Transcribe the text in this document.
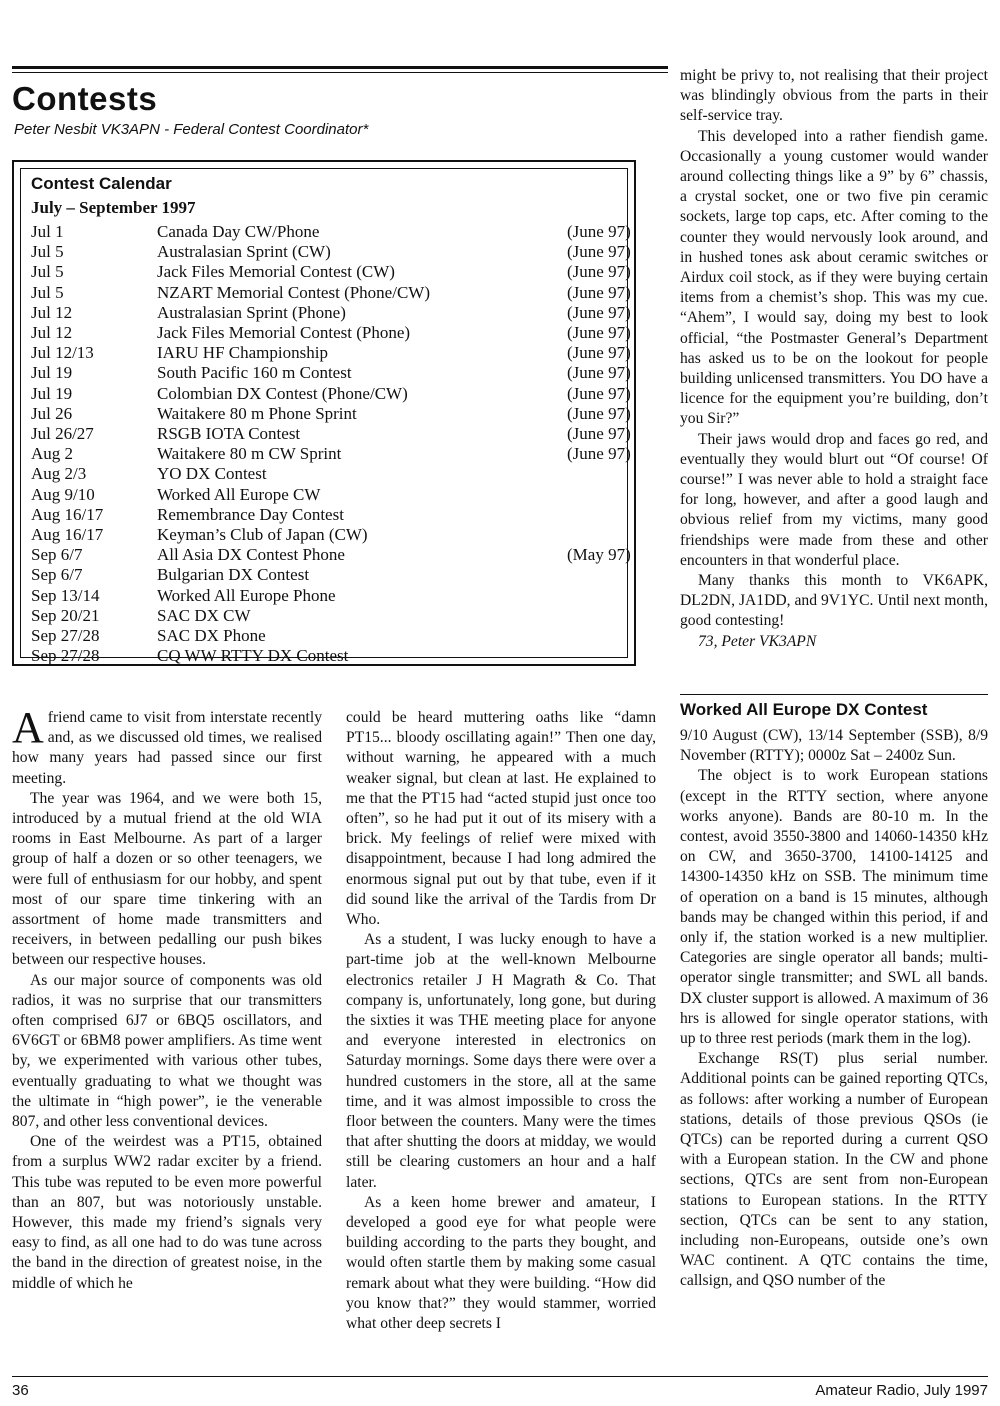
Contests
Peter Nesbit VK3APN - Federal Contest Coordinator*
Contest Calendar
July – September 1997
Jul 1	Canada Day CW/Phone	(June 97)
Jul 5	Australasian Sprint (CW)	(June 97)
Jul 5	Jack Files Memorial Contest (CW)	(June 97)
Jul 5	NZART Memorial Contest (Phone/CW)	(June 97)
Jul 12	Australasian Sprint (Phone)	(June 97)
Jul 12	Jack Files Memorial Contest (Phone)	(June 97)
Jul 12/13	IARU HF Championship	(June 97)
Jul 19	South Pacific 160 m Contest	(June 97)
Jul 19	Colombian DX Contest (Phone/CW)	(June 97)
Jul 26	Waitakere 80 m Phone Sprint	(June 97)
Jul 26/27	RSGB IOTA Contest	(June 97)
Aug 2	Waitakere 80 m CW Sprint	(June 97)
Aug 2/3	YO DX Contest
Aug 9/10	Worked All Europe CW
Aug 16/17	Remembrance Day Contest
Aug 16/17	Keyman’s Club of Japan (CW)
Sep 6/7	All Asia DX Contest Phone	(May 97)
Sep 6/7	Bulgarian DX Contest
Sep 13/14	Worked All Europe Phone
Sep 20/21	SAC DX CW
Sep 27/28	SAC DX Phone
Sep 27/28	CQ WW RTTY DX Contest
A friend came to visit from interstate recently and, as we discussed old times, we realised how many years had passed since our first meeting.

The year was 1964, and we were both 15, introduced by a mutual friend at the old WIA rooms in East Melbourne. As part of a larger group of half a dozen or so other teenagers, we were full of enthusiasm for our hobby, and spent most of our spare time tinkering with an assortment of home made transmitters and receivers, in between pedalling our push bikes between our respective houses.

As our major source of components was old radios, it was no surprise that our transmitters often comprised 6J7 or 6BQ5 oscillators, and 6V6GT or 6BM8 power amplifiers. As time went by, we experimented with various other tubes, eventually graduating to what we thought was the ultimate in “high power”, ie the venerable 807, and other less conventional devices.

One of the weirdest was a PT15, obtained from a surplus WW2 radar exciter by a friend. This tube was reputed to be even more powerful than an 807, but was notoriously unstable. However, this made my friend’s signals very easy to find, as all one had to do was tune across the band in the direction of greatest noise, in the middle of which he

could be heard muttering oaths like “damn PT15... bloody oscillating again!” Then one day, without warning, he appeared with a much weaker signal, but clean at last. He explained to me that the PT15 had “acted stupid just once too often”, so he had put it out of its misery with a brick. My feelings of relief were mixed with disappointment, because I had long admired the enormous signal put out by that tube, even if it did sound like the arrival of the Tardis from Dr Who.

As a student, I was lucky enough to have a part-time job at the well-known Melbourne electronics retailer J H Magrath & Co. That company is, unfortunately, long gone, but during the sixties it was THE meeting place for anyone and everyone interested in electronics on Saturday mornings. Some days there were over a hundred customers in the store, all at the same time, and it was almost impossible to cross the floor between the counters. Many were the times that after shutting the doors at midday, we would still be clearing customers an hour and a half later.

As a keen home brewer and amateur, I developed a good eye for what people were building according to the parts they bought, and would often startle them by making some casual remark about what they were building. “How did you know that?” they would stammer, worried what other deep secrets I

might be privy to, not realising that their project was blindingly obvious from the parts in their self-service tray.

This developed into a rather fiendish game. Occasionally a young customer would wander around collecting things like a 9” by 6” chassis, a crystal socket, one or two five pin ceramic sockets, large top caps, etc. After coming to the counter they would nervously look around, and in hushed tones ask about ceramic switches or Airdux coil stock, as if they were buying certain items from a chemist’s shop. This was my cue. “Ahem”, I would say, doing my best to look official, “the Postmaster General’s Department has asked us to be on the lookout for people building unlicensed transmitters. You DO have a licence for the equipment you’re building, don’t you Sir?”

Their jaws would drop and faces go red, and eventually they would blurt out “Of course! Of course!” I was never able to hold a straight face for long, however, and after a good laugh and obvious relief from my victims, many good friendships were made from these and other encounters in that wonderful place.

Many thanks this month to VK6APK, DL2DN, JA1DD, and 9V1YC. Until next month, good contesting!

73, Peter VK3APN

Worked All Europe DX Contest

9/10 August (CW), 13/14 September (SSB), 8/9 November (RTTY); 0000z Sat – 2400z Sun.

The object is to work European stations (except in the RTTY section, where anyone works anyone). Bands are 80-10 m. In the contest, avoid 3550-3800 and 14060-14350 kHz on CW, and 3650-3700, 14100-14125 and 14300-14350 kHz on SSB. The minimum time of operation on a band is 15 minutes, although bands may be changed within this period, if and only if, the station worked is a new multiplier. Categories are single operator all bands; multi-operator single transmitter; and SWL all bands. DX cluster support is allowed. A maximum of 36 hrs is allowed for single operator stations, with up to three rest periods (mark them in the log).

Exchange RS(T) plus serial number. Additional points can be gained reporting QTCs, as follows: after working a number of European stations, details of those previous QSOs (ie QTCs) can be reported during a current QSO with a European station. In the CW and phone sections, QTCs are sent from non-European stations to European stations. In the RTTY section, QTCs can be sent to any station, including non-Europeans, outside one’s own WAC continent. A QTC contains the time, callsign, and QSO number of the

36	Amateur Radio, July 1997
